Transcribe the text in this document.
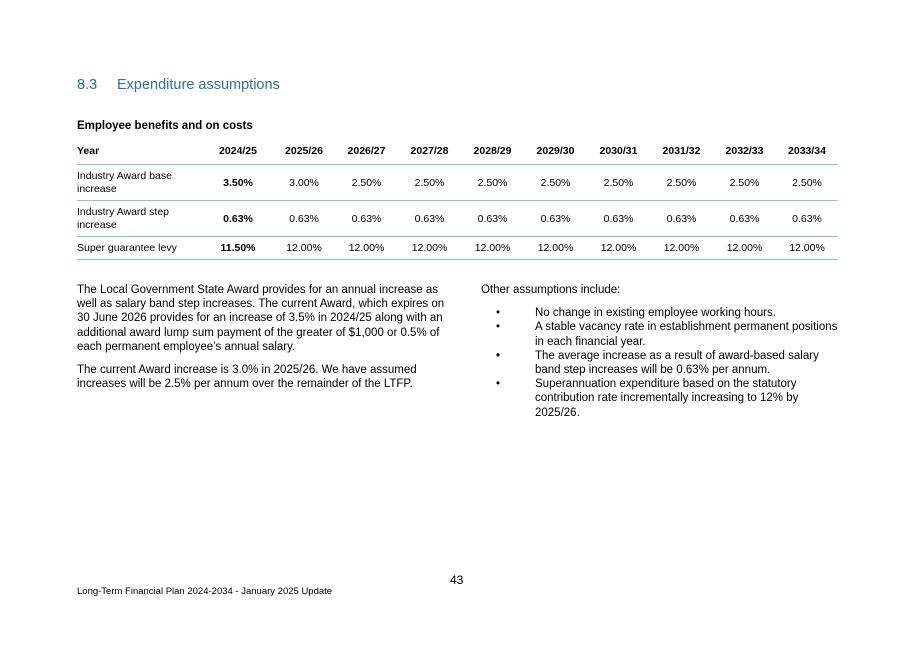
8.3 Expenditure assumptions
Employee benefits and on costs
Year	2024/25	2025/26	2026/27	2027/28	2028/29	2029/30	2030/31	2031/32	2032/33	2033/34
Industry Award base increase	3.50%	3.00%	2.50%	2.50%	2.50%	2.50%	2.50%	2.50%	2.50%	2.50%
Industry Award step increase	0.63%	0.63%	0.63%	0.63%	0.63%	0.63%	0.63%	0.63%	0.63%	0.63%
Super guarantee levy	11.50%	12.00%	12.00%	12.00%	12.00%	12.00%	12.00%	12.00%	12.00%	12.00%

The Local Government State Award provides for an annual increase as well as salary band step increases. The current Award, which expires on 30 June 2026 provides for an increase of 3.5% in 2024/25 along with an additional award lump sum payment of the greater of $1,000 or 0.5% of each permanent employee’s annual salary.

The current Award increase is 3.0% in 2025/26. We have assumed increases will be 2.5% per annum over the remainder of the LTFP.

Other assumptions include:

•	No change in existing employee working hours.
•	A stable vacancy rate in establishment permanent positions in each financial year.
•	The average increase as a result of award-based salary band step increases will be 0.63% per annum.
•	Superannuation expenditure based on the statutory contribution rate incrementally increasing to 12% by 2025/26.
43
Long-Term Financial Plan 2024-2034 - January 2025 Update
